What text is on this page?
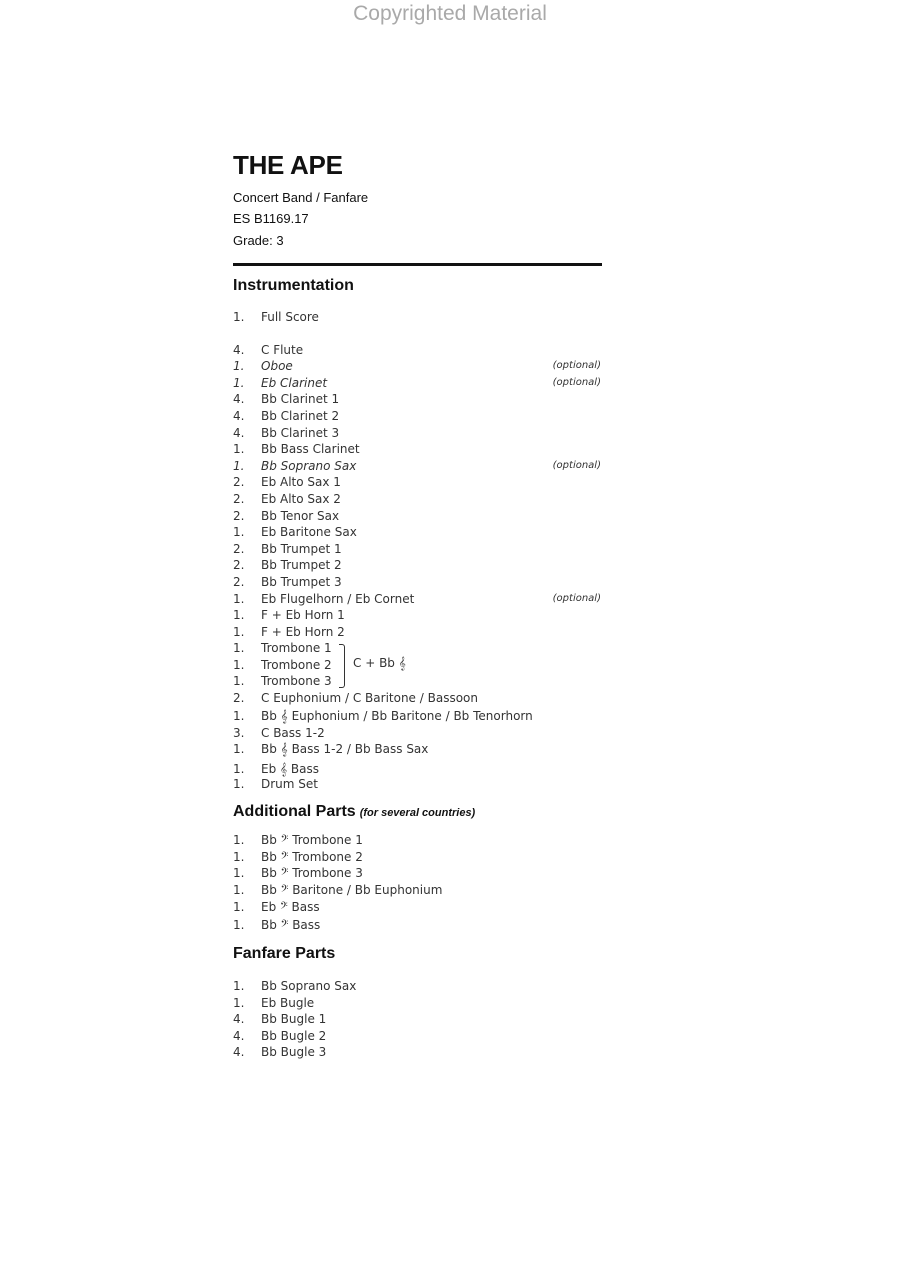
Copyrighted Material
THE APE
Concert Band / Fanfare
ES B1169.17
Grade: 3
Instrumentation
1.	Full Score
4.	C Flute
1.	Oboe	(optional)
1.	Eb Clarinet	(optional)
4.	Bb Clarinet 1
4.	Bb Clarinet 2
4.	Bb Clarinet 3
1.	Bb Bass Clarinet
1.	Bb Soprano Sax	(optional)
2.	Eb Alto Sax 1
2.	Eb Alto Sax 2
2.	Bb Tenor Sax
1.	Eb Baritone Sax
2.	Bb Trumpet 1
2.	Bb Trumpet 2
2.	Bb Trumpet 3
1.	Eb Flugelhorn / Eb Cornet	(optional)
1.	F + Eb Horn 1
1.	F + Eb Horn 2
1.	Trombone 1
1.	Trombone 2
1.	Trombone 3
C + Bb 𝄞
2.	C Euphonium / C Baritone / Bassoon
1.	Bb 𝄞 Euphonium / Bb Baritone / Bb Tenorhorn
3.	C Bass 1-2
1.	Bb 𝄞 Bass 1-2 / Bb Bass Sax
1.	Eb 𝄞 Bass
1.	Drum Set
Additional Parts (for several countries)
1.	Bb 𝄢 Trombone 1
1.	Bb 𝄢 Trombone 2
1.	Bb 𝄢 Trombone 3
1.	Bb 𝄢 Baritone / Bb Euphonium
1.	Eb 𝄢 Bass
1.	Bb 𝄢 Bass
Fanfare Parts
1.	Bb Soprano Sax
1.	Eb Bugle
4.	Bb Bugle 1
4.	Bb Bugle 2
4.	Bb Bugle 3
